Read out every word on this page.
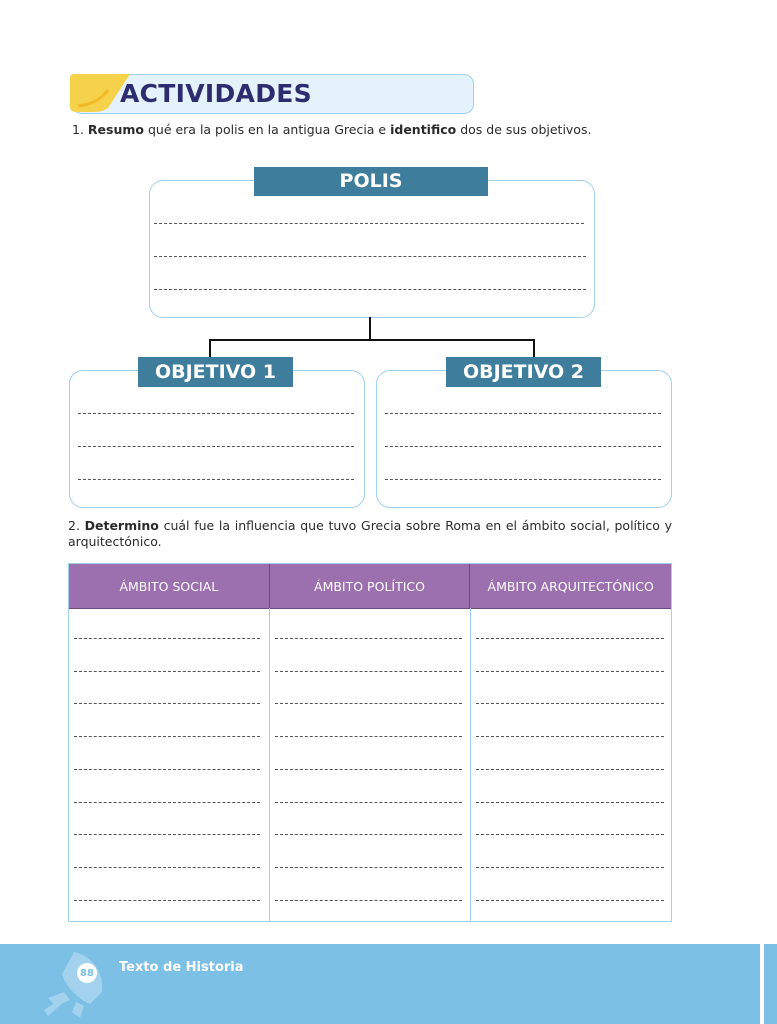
ACTIVIDADES
1. Resumo qué era la polis en la antigua Grecia e identifico dos de sus objetivos.
POLIS
OBJETIVO 1	OBJETIVO 2
2. Determino cuál fue la influencia que tuvo Grecia sobre Roma en el ámbito social, político y arquitectónico.
ÁMBITO SOCIAL	ÁMBITO POLÍTICO	ÁMBITO ARQUITECTÓNICO
88 Texto de Historia
